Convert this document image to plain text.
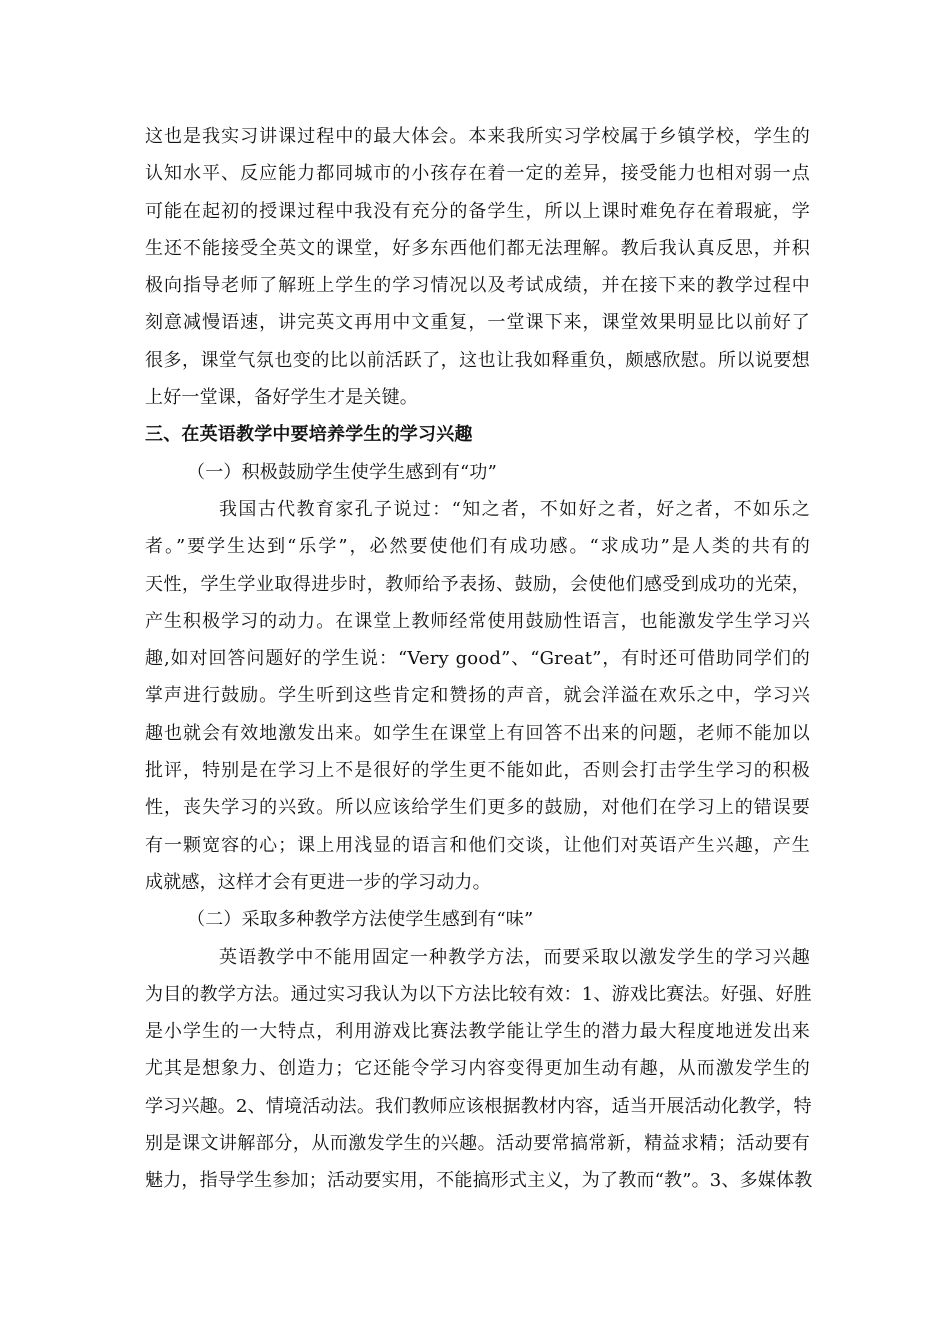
这也是我实习讲课过程中的最大体会。本来我所实习学校属于乡镇学校，学生的
认知水平、反应能力都同城市的小孩存在着一定的差异，接受能力也相对弱一点
可能在起初的授课过程中我没有充分的备学生，所以上课时难免存在着瑕疵，学
生还不能接受全英文的课堂，好多东西他们都无法理解。教后我认真反思，并积
极向指导老师了解班上学生的学习情况以及考试成绩，并在接下来的教学过程中
刻意减慢语速，讲完英文再用中文重复，一堂课下来，课堂效果明显比以前好了
很多，课堂气氛也变的比以前活跃了，这也让我如释重负，颇感欣慰。所以说要想
上好一堂课，备好学生才是关键。
三、在英语教学中要培养学生的学习兴趣
（一）积极鼓励学生使学生感到有“功”
我国古代教育家孔子说过：“知之者，不如好之者，好之者，不如乐之
者。”要学生达到“乐学”，必然要使他们有成功感。“求成功”是人类的共有的
天性，学生学业取得进步时，教师给予表扬、鼓励，会使他们感受到成功的光荣，
产生积极学习的动力。在课堂上教师经常使用鼓励性语言，也能激发学生学习兴
趣,如对回答问题好的学生说：“Very good”、“Great”，有时还可借助同学们的
掌声进行鼓励。学生听到这些肯定和赞扬的声音，就会洋溢在欢乐之中，学习兴
趣也就会有效地激发出来。如学生在课堂上有回答不出来的问题，老师不能加以
批评，特别是在学习上不是很好的学生更不能如此，否则会打击学生学习的积极
性，丧失学习的兴致。所以应该给学生们更多的鼓励，对他们在学习上的错误要
有一颗宽容的心；课上用浅显的语言和他们交谈，让他们对英语产生兴趣，产生
成就感，这样才会有更进一步的学习动力。
（二）采取多种教学方法使学生感到有“味”
英语教学中不能用固定一种教学方法，而要采取以激发学生的学习兴趣
为目的教学方法。通过实习我认为以下方法比较有效：1、游戏比赛法。好强、好胜
是小学生的一大特点，利用游戏比赛法教学能让学生的潜力最大程度地迸发出来
尤其是想象力、创造力；它还能令学习内容变得更加生动有趣，从而激发学生的
学习兴趣。2、情境活动法。我们教师应该根据教材内容，适当开展活动化教学，特
别是课文讲解部分，从而激发学生的兴趣。活动要常搞常新，精益求精；活动要有
魅力，指导学生参加；活动要实用，不能搞形式主义，为了教而“教”。3、多媒体教
